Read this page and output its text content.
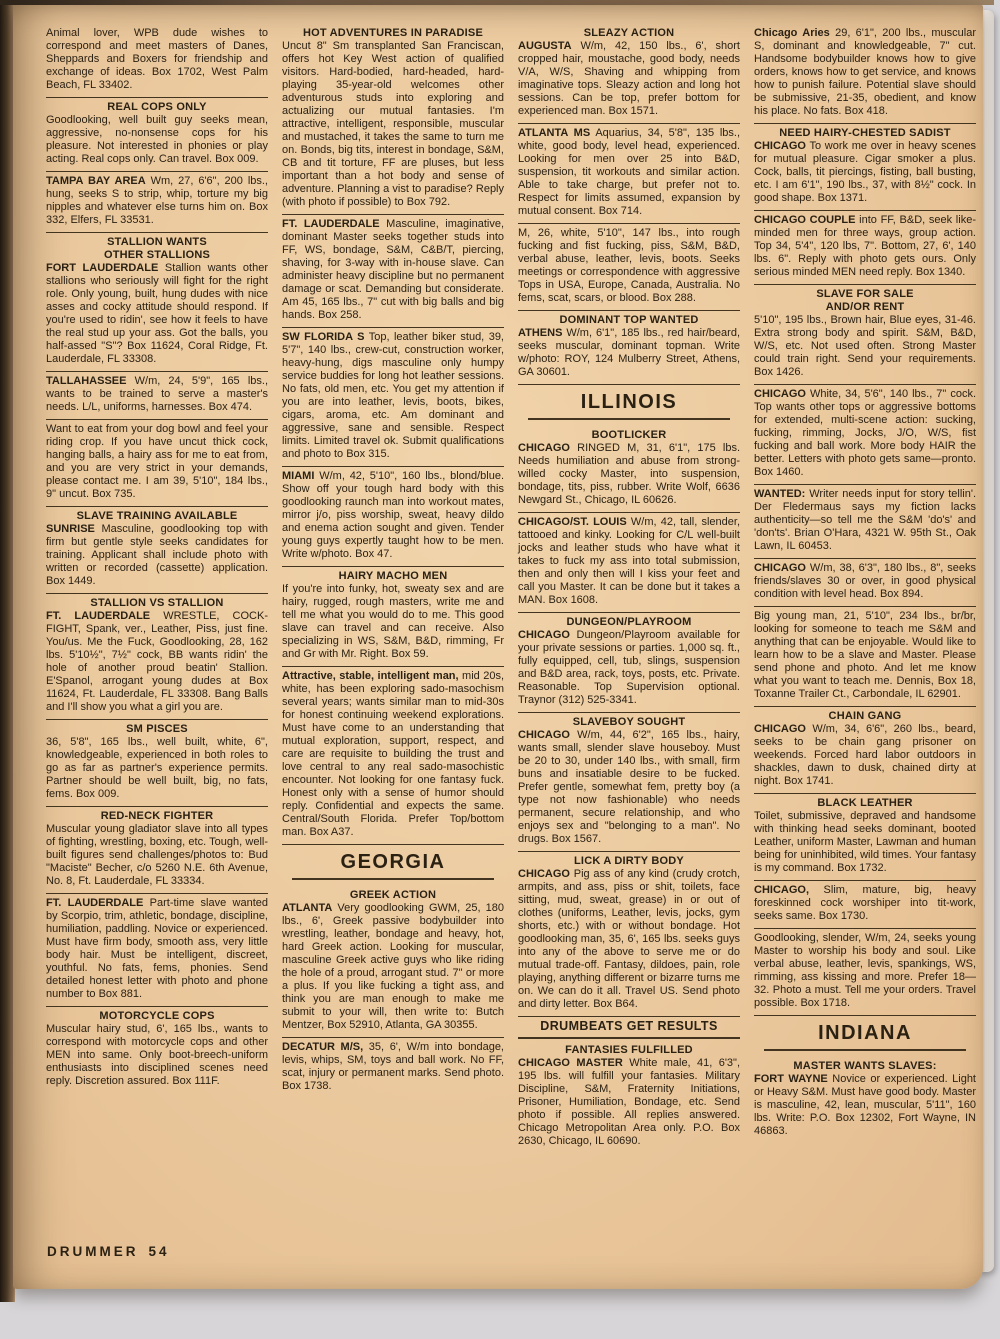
Animal lover, WPB dude wishes to correspond and meet masters of Danes, Sheppards and Boxers for friendship and exchange of ideas. Box 1702, West Palm Beach, FL 33402.

REAL COPS ONLY

Goodlooking, well built guy seeks mean, aggressive, no-nonsense cops for his pleasure. Not interested in phonies or play acting. Real cops only. Can travel. Box 009.

TAMPA BAY AREA Wm, 27, 6'6", 200 lbs., hung, seeks S to strip, whip, torture my big nipples and whatever else turns him on. Box 332, Elfers, FL 33531.

STALLION WANTS
OTHER STALLIONS

FORT LAUDERDALE Stallion wants other stallions who seriously will fight for the right role. Only young, built, hung dudes with nice asses and cocky attitude should respond. If you're used to ridin', see how it feels to have the real stud up your ass. Got the balls, you half-assed "S"? Box 11624, Coral Ridge, Ft. Lauderdale, FL 33308.

TALLAHASSEE W/m, 24, 5'9", 165 lbs., wants to be trained to serve a master's needs. L/L, uniforms, harnesses. Box 474.

Want to eat from your dog bowl and feel your riding crop. If you have uncut thick cock, hanging balls, a hairy ass for me to eat from, and you are very strict in your demands, please contact me. I am 39, 5'10", 184 lbs., 9" uncut. Box 735.

SLAVE TRAINING AVAILABLE

SUNRISE Masculine, goodlooking top with firm but gentle style seeks candidates for training. Applicant shall include photo with written or recorded (cassette) application. Box 1449.

STALLION VS STALLION

FT. LAUDERDALE WRESTLE, COCK-FIGHT, Spank, ver., Leather, Piss, just fine. You/us. Me the Fuck, Goodlooking, 28, 162 lbs. 5'10½", 7½" cock, BB wants ridin' the hole of another proud beatin' Stallion. E'Spanol, arrogant young dudes at Box 11624, Ft. Lauderdale, FL 33308. Bang Balls and I'll show you what a girl you are.

SM PISCES

36, 5'8", 165 lbs., well built, white, 6", knowledgeable, experienced in both roles to go as far as partner's experience permits. Partner should be well built, big, no fats, fems. Box 009.

RED-NECK FIGHTER

Muscular young gladiator slave into all types of fighting, wrestling, boxing, etc. Tough, well-built figures send challenges/photos to: Bud "Maciste" Becher, c/o 5260 N.E. 6th Avenue, No. 8, Ft. Lauderdale, FL 33334.

FT. LAUDERDALE Part-time slave wanted by Scorpio, trim, athletic, bondage, discipline, humiliation, paddling. Novice or experienced. Must have firm body, smooth ass, very little body hair. Must be intelligent, discreet, youthful. No fats, fems, phonies. Send detailed honest letter with photo and phone number to Box 881.

MOTORCYCLE COPS

Muscular hairy stud, 6', 165 lbs., wants to correspond with motorcycle cops and other MEN into same. Only boot-breech-uniform enthusiasts into disciplined scenes need reply. Discretion assured. Box 111F.

HOT ADVENTURES IN PARADISE

Uncut 8" Sm transplanted San Franciscan, offers hot Key West action of qualified visitors. Hard-bodied, hard-headed, hard-playing 35-year-old welcomes other adventurous studs into exploring and actualizing our mutual fantasies. I'm attractive, intelligent, responsible, muscular and mustached, it takes the same to turn me on. Bonds, big tits, interest in bondage, S&M, CB and tit torture, FF are pluses, but less important than a hot body and sense of adventure. Planning a vist to paradise? Reply (with photo if possible) to Box 792.

FT. LAUDERDALE Masculine, imaginative, dominant Master seeks together studs into FF, WS, bondage, S&M, C&B/T, piercing, shaving, for 3-way with in-house slave. Can administer heavy discipline but no permanent damage or scat. Demanding but considerate. Am 45, 165 lbs., 7" cut with big balls and big hands. Box 258.

SW FLORIDA S Top, leather biker stud, 39, 5'7", 140 lbs., crew-cut, construction worker, heavy-hung, digs masculine only humpy service buddies for long hot leather sessions. No fats, old men, etc. You get my attention if you are into leather, levis, boots, bikes, cigars, aroma, etc. Am dominant and aggressive, sane and sensible. Respect limits. Limited travel ok. Submit qualifications and photo to Box 315.

MIAMI W/m, 42, 5'10", 160 lbs., blond/blue. Show off your tough hard body with this goodlooking raunch man into workout mates, mirror j/o, piss worship, sweat, heavy dildo and enema action sought and given. Tender young guys expertly taught how to be men. Write w/photo. Box 47.

HAIRY MACHO MEN

If you're into funky, hot, sweaty sex and are hairy, rugged, rough masters, write me and tell me what you would do to me. This good slave can travel and can receive. Also specializing in WS, S&M, B&D, rimming, Fr and Gr with Mr. Right. Box 59.

Attractive, stable, intelligent man, mid 20s, white, has been exploring sado-masochism several years; wants similar man to mid-30s for honest continuing weekend explorations. Must have come to an understanding that mutual exploration, support, respect, and care are requisite to building the trust and love central to any real sado-masochistic encounter. Not looking for one fantasy fuck. Honest only with a sense of humor should reply. Confidential and expects the same. Central/South Florida. Prefer Top/bottom man. Box A37.

GEORGIA
GREEK ACTION

ATLANTA Very goodlooking GWM, 25, 180 lbs., 6', Greek passive bodybuilder into wrestling, leather, bondage and heavy, hot, hard Greek action. Looking for muscular, masculine Greek active guys who like riding the hole of a proud, arrogant stud. 7" or more a plus. If you like fucking a tight ass, and think you are man enough to make me submit to your will, then write to: Butch Mentzer, Box 52910, Atlanta, GA 30355.

DECATUR M/S, 35, 6', W/m into bondage, levis, whips, SM, toys and ball work. No FF, scat, injury or permanent marks. Send photo. Box 1738.

SLEAZY ACTION

AUGUSTA W/m, 42, 150 lbs., 6', short cropped hair, moustache, good body, needs V/A, W/S, Shaving and whipping from imaginative tops. Sleazy action and long hot sessions. Can be top, prefer bottom for experienced man. Box 1571.

ATLANTA MS Aquarius, 34, 5'8", 135 lbs., white, good body, level head, experienced. Looking for men over 25 into B&D, suspension, tit workouts and similar action. Able to take charge, but prefer not to. Respect for limits assumed, expansion by mutual consent. Box 714.

M, 26, white, 5'10", 147 lbs., into rough fucking and fist fucking, piss, S&M, B&D, verbal abuse, leather, levis, boots. Seeks meetings or correspondence with aggressive Tops in USA, Europe, Canada, Australia. No fems, scat, scars, or blood. Box 288.

DOMINANT TOP WANTED

ATHENS W/m, 6'1", 185 lbs., red hair/beard, seeks muscular, dominant topman. Write w/photo: ROY, 124 Mulberry Street, Athens, GA 30601.

ILLINOIS
BOOTLICKER

CHICAGO RINGED M, 31, 6'1", 175 lbs. Needs humiliation and abuse from strong-willed cocky Master, into suspension, bondage, tits, piss, rubber. Write Wolf, 6636 Newgard St., Chicago, IL 60626.

CHICAGO/ST. LOUIS W/m, 42, tall, slender, tattooed and kinky. Looking for C/L well-built jocks and leather studs who have what it takes to fuck my ass into total submission, then and only then will I kiss your feet and call you Master. It can be done but it takes a MAN. Box 1608.

DUNGEON/PLAYROOM

CHICAGO Dungeon/Playroom available for your private sessions or parties. 1,000 sq. ft., fully equipped, cell, tub, slings, suspension and B&D area, rack, toys, posts, etc. Private. Reasonable. Top Supervision optional. Traynor (312) 525-3341.

SLAVEBOY SOUGHT

CHICAGO W/m, 44, 6'2", 165 lbs., hairy, wants small, slender slave houseboy. Must be 20 to 30, under 140 lbs., with small, firm buns and insatiable desire to be fucked. Prefer gentle, somewhat fem, pretty boy (a type not now fashionable) who needs permanent, secure relationship, and who enjoys sex and "belonging to a man". No drugs. Box 1567.

LICK A DIRTY BODY

CHICAGO Pig ass of any kind (crudy crotch, armpits, and ass, piss or shit, toilets, face sitting, mud, sweat, grease) in or out of clothes (uniforms, Leather, levis, jocks, gym shorts, etc.) with or without bondage. Hot goodlooking man, 35, 6', 165 lbs. seeks guys into any of the above to serve me or do mutual trade-off. Fantasy, dildoes, pain, role playing, anything different or bizarre turns me on. We can do it all. Travel US. Send photo and dirty letter. Box B64.

DRUMBEATS GET RESULTS
FANTASIES FULFILLED

CHICAGO MASTER White male, 41, 6'3", 195 lbs. will fulfill your fantasies. Military Discipline, S&M, Fraternity Initiations, Prisoner, Humiliation, Bondage, etc. Send photo if possible. All replies answered. Chicago Metropolitan Area only. P.O. Box 2630, Chicago, IL 60690.

Chicago Aries 29, 6'1", 200 lbs., muscular S, dominant and knowledgeable, 7" cut. Handsome bodybuilder knows how to give orders, knows how to get service, and knows how to punish failure. Potential slave should be submissive, 21-35, obedient, and know his place. No fats. Box 418.

NEED HAIRY-CHESTED SADIST

CHICAGO To work me over in heavy scenes for mutual pleasure. Cigar smoker a plus. Cock, balls, tit piercings, fisting, ball busting, etc. I am 6'1", 190 lbs., 37, with 8½" cock. In good shape. Box 1371.

CHICAGO COUPLE into FF, B&D, seek like-minded men for three ways, group action. Top 34, 5'4", 120 lbs, 7". Bottom, 27, 6', 140 lbs. 6". Reply with photo gets ours. Only serious minded MEN need reply. Box 1340.

SLAVE FOR SALE
AND/OR RENT

5'10", 195 lbs., Brown hair, Blue eyes, 31-46. Extra strong body and spirit. S&M, B&D, W/S, etc. Not used often. Strong Master could train right. Send your requirements. Box 1426.

CHICAGO White, 34, 5'6", 140 lbs., 7" cock. Top wants other tops or aggressive bottoms for extended, multi-scene action: sucking, fucking, rimming, Jocks, J/O, W/S, fist fucking and ball work. More body HAIR the better. Letters with photo gets same—pronto. Box 1460.

WANTED: Writer needs input for story tellin'. Der Fledermaus says my fiction lacks authenticity—so tell me the S&M 'do's' and 'don'ts'. Brian O'Hara, 4321 W. 95th St., Oak Lawn, IL 60453.

CHICAGO W/m, 38, 6'3", 180 lbs., 8", seeks friends/slaves 30 or over, in good physical condition with level head. Box 894.

Big young man, 21, 5'10", 234 lbs., br/br, looking for someone to teach me S&M and anything that can be enjoyable. Would like to learn how to be a slave and Master. Please send phone and photo. And let me know what you want to teach me. Dennis, Box 18, Toxanne Trailer Ct., Carbondale, IL 62901.

CHAIN GANG

CHICAGO W/m, 34, 6'6", 260 lbs., beard, seeks to be chain gang prisoner on weekends. Forced hard labor outdoors in shackles, dawn to dusk, chained dirty at night. Box 1741.

BLACK LEATHER

Toilet, submissive, depraved and handsome with thinking head seeks dominant, booted Leather, uniform Master, Lawman and human being for uninhibited, wild times. Your fantasy is my command. Box 1732.

CHICAGO, Slim, mature, big, heavy foreskinned cock worshiper into tit-work, seeks same. Box 1730.

Goodlooking, slender, W/m, 24, seeks young Master to worship his body and soul. Like verbal abuse, leather, levis, spankings, WS, rimming, ass kissing and more. Prefer 18—32. Photo a must. Tell me your orders. Travel possible. Box 1718.

INDIANA
MASTER WANTS SLAVES:

FORT WAYNE Novice or experienced. Light or Heavy S&M. Must have good body. Master is masculine, 42, lean, muscular, 5'11", 160 lbs. Write: P.O. Box 12302, Fort Wayne, IN 46863.

DRUMMER 54
